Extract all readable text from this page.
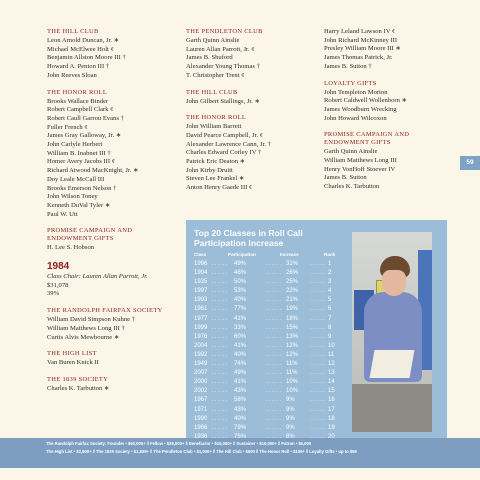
THE HILL CLUB
Leon Arnold Duncan, Jr. ∗
Michael McElwee Holt ¢
Benjamin Allston Moore III †
Howard A. Penton III †
John Reeves Sloan
THE HONOR ROLL
Brooks Wallace Binder
Robert Campbell Clark ¢
Robert Caull Garrou Evans †
Fuller French ¢
James Gray Galloway, Jr. ∗
John Carlyle Herbert
William B. Inabnet III †
Homer Avery Jacobs III ¢
Richard Atwood MacKnight, Jr. ∗
Doy Leale McCall III
Brooks Emerson Nelson †
John Wilson Toney
Kenneth DuVal Tyler ∗
Paul W. Utt
PROMISE CAMPAIGN AND ENDOWMENT GIFTS
H. Lee S. Hobson
1984
Class Chair: Lauren Allan Parrott, Jr.
$31,078
39%
THE RANDOLPH FAIRFAX SOCIETY
William David Simpson Kuhne †
William Matthews Long III †
Curtis Alvis Mewbourne ∗
THE HIGH LIST
Van Buren Knick II
THE 1839 SOCIETY
Charles K. Tarbutton ∗
THE PENDLETON CLUB
Garth Quinn Ainslie
Lauren Allan Parrott, Jr. ¢
James B. Shuford
Alexander Young Thomas †
T. Christopher Trent ¢
THE HILL CLUB
John Gilbert Stallings, Jr. ∗
THE HONOR ROLL
John William Barrett
David Pearce Campbell, Jr. ¢
Alexander Lawrence Cann, Jr. †
Charles Edward Corley IV †
Patrick Eric Deaton ∗
John Kirby Druitt
Steven Lee Frankel ∗
Anton Henry Gaede III ¢
Harry Leland Lawson IV ¢
John Richard McKinney III
Presley William Moore III ∗
James Thomas Patrick, Jr.
James B. Sutton †
LOYALTY GIFTS
John Templeton Morton
Robert Caldwell Wollenborn ∗
James Woodburn Wrecking
John Howard Wilcoxon
PROMISE CAMPAIGN AND ENDOWMENT GIFTS
Garth Quinn Ainslie
William Matthews Long III
Henry VonHoff Stoever IV
James B. Sutton
Charles K. Tarbutton
59
Top 20 Classes in Roll Call Participation Increase
Class	Participation	Increase	Rank
1996	49%	31%	1
......	......	......
1994	46%	26%	2
......	......	......
1935	50%	25%	3
......	......	......
1997	53%	22%	4
......	......	......
1993	40%	21%	5
......	......	......
1961	77%	19%	6
......	......	......
1977	41%	18%	7
......	......	......
1999	33%	15%	8
......	......	......
1976	60%	13%	9
......	......	......
2004	41%	12%	10
......	......	......
1992	40%	12%	11
......	......	......
1949	74%	11%	12
......	......	......
2007	49%	11%	13
......	......	......
2000	41%	10%	14
......	......	......
2002	43%	10%	15
......	......	......
1967	58%	9%	16
......	......	......
1971	43%	9%	17
......	......	......
1990	40%	9%	18
......	......	......
1966	79%	9%	19
......	......	......
1936	75%	8%	20
......	......	......
The Randolph Fairfax Society: Founder • $50,000+ ‖ Fellow • $25,000+ ‖ Benefactor • $15,000+ ‖ Sustainer • $10,000+ ‖ Patron • $5,000
The High List • $2,500+ ‖ The 1839 Society • $1,839+ ‖ The Pendleton Club • $1,000+ ‖ The Hill Club • $500 ‖ The Honor Roll • $100+ ‖ Loyalty Gifts • up to $99
